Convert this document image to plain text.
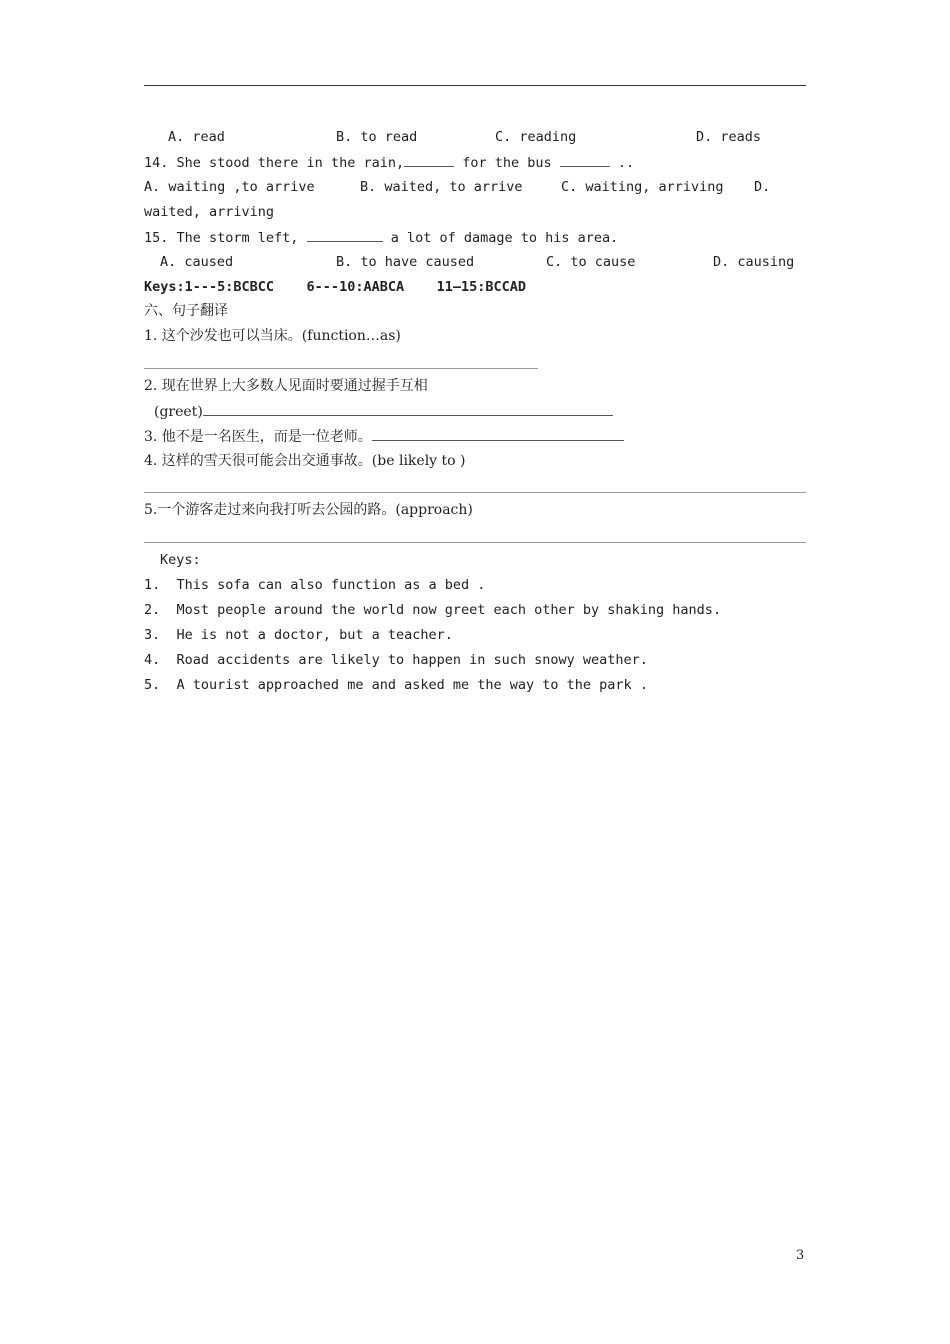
A. read	B. to read	C. reading	D. reads
14. She stood there in the rain,	for the bus	..
A. waiting ,to arrive	B. waited, to arrive	C. waiting, arriving D.
waited, arriving
15. The storm left,	a lot of damage to his area.
A. caused	B. to have caused	C. to cause	D. causing
Keys:1---5:BCBCC    6---10:AABCA    11—15:BCCAD
六、句子翻译
1. 这个沙发也可以当床。(function…as)
2. 现在世界上大多数人见面时要通过握手互相
(greet)
3. 他不是一名医生，而是一位老师。
4. 这样的雪天很可能会出交通事故。(be likely to )
5.一个游客走过来向我打听去公园的路。(approach)
Keys:
1.  This sofa can also function as a bed .
2.  Most people around the world now greet each other by shaking hands.
3.  He is not a doctor, but a teacher.
4.  Road accidents are likely to happen in such snowy weather.
5.  A tourist approached me and asked me the way to the park .
3
